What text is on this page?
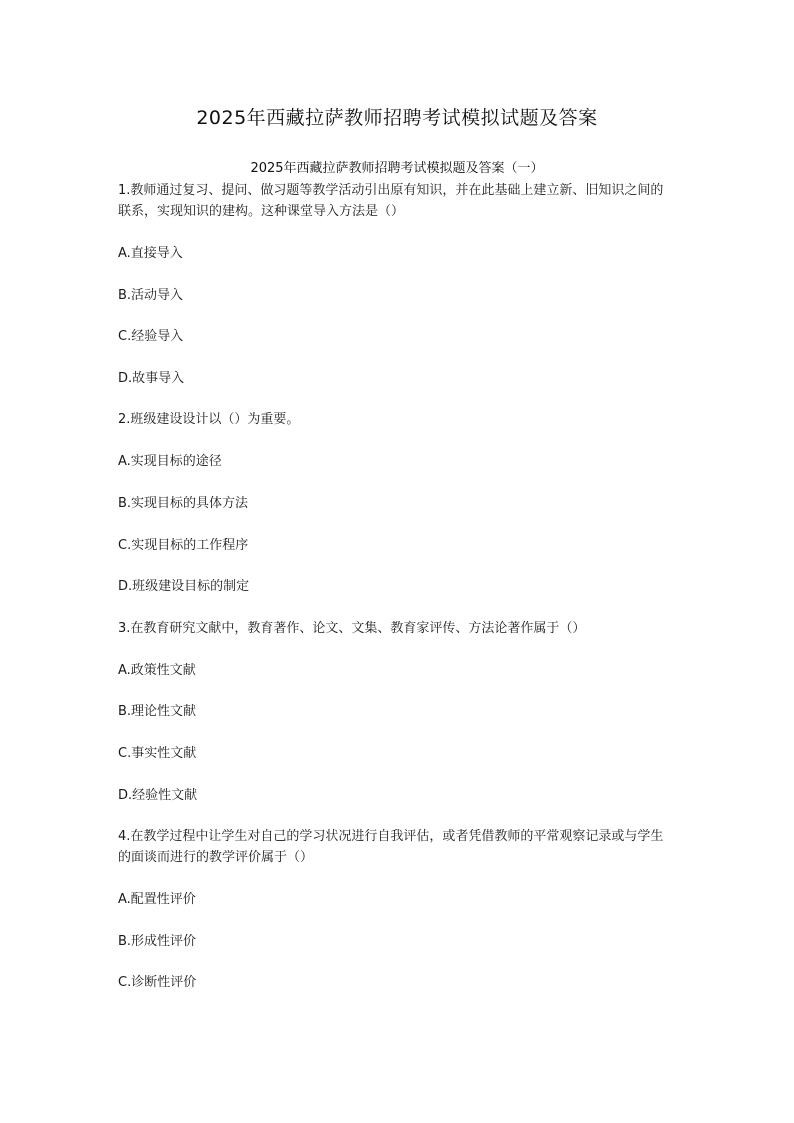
2025年西藏拉萨教师招聘考试模拟试题及答案
2025年西藏拉萨教师招聘考试模拟题及答案（一）
1.教师通过复习、提问、做习题等教学活动引出原有知识，并在此基础上建立新、旧知识之间的联系，实现知识的建构。这种课堂导入方法是（）
A.直接导入
B.活动导入
C.经验导入
D.故事导入
2.班级建设设计以（）为重要。
A.实现目标的途径
B.实现目标的具体方法
C.实现目标的工作程序
D.班级建设目标的制定
3.在教育研究文献中，教育著作、论文、文集、教育家评传、方法论著作属于（）
A.政策性文献
B.理论性文献
C.事实性文献
D.经验性文献
4.在教学过程中让学生对自己的学习状况进行自我评估，或者凭借教师的平常观察记录或与学生的面谈而进行的教学评价属于（）
A.配置性评价
B.形成性评价
C.诊断性评价
